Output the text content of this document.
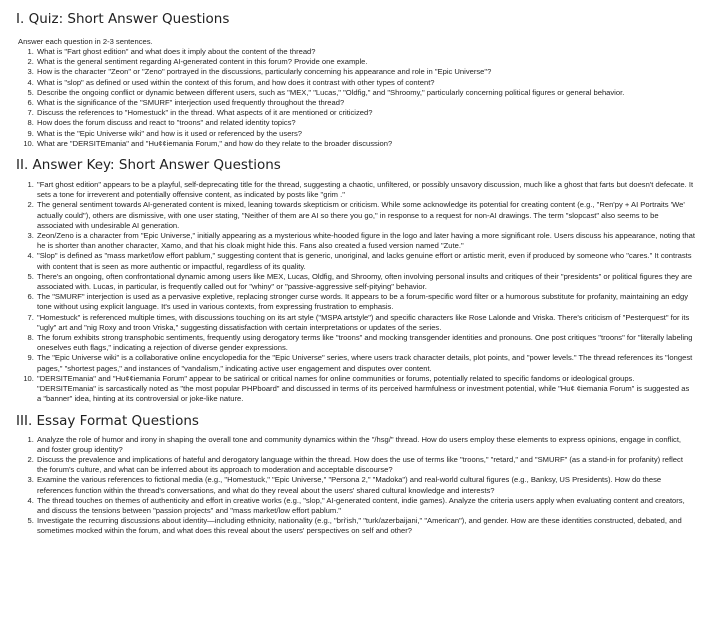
I. Quiz: Short Answer Questions
Answer each question in 2-3 sentences.
1. What is "Fart ghost edition" and what does it imply about the content of the thread?
2. What is the general sentiment regarding AI-generated content in this forum? Provide one example.
3. How is the character "Zeon" or "Zeno" portrayed in the discussions, particularly concerning his appearance and role in "Epic Universe"?
4. What is "slop" as defined or used within the context of this forum, and how does it contrast with other types of content?
5. Describe the ongoing conflict or dynamic between different users, such as "MEX," "Lucas," "Oldfig," and "Shroomy," particularly concerning political figures or general behavior.
6. What is the significance of the "SMURF" interjection used frequently throughout the thread?
7. Discuss the references to "Homestuck" in the thread. What aspects of it are mentioned or criticized?
8. How does the forum discuss and react to "troons" and related identity topics?
9. What is the "Epic Universe wiki" and how is it used or referenced by the users?
10. What are "DERSITEmania" and "Hu¢¢iemania Forum," and how do they relate to the broader discussion?
II. Answer Key: Short Answer Questions
1. "Fart ghost edition" appears to be a playful, self-deprecating title for the thread, suggesting a chaotic, unfiltered, or possibly unsavory discussion, much like a ghost that farts but doesn't defecate. It sets a tone for irreverent and potentially offensive content, as indicated by posts like "grim ."
2. The general sentiment towards AI-generated content is mixed, leaning towards skepticism or criticism. While some acknowledge its potential for creating content (e.g., "Ren'py + AI Portraits 'We' actually could"), others are dismissive, with one user stating, "Neither of them are AI so there you go," in response to a request for non-AI drawings. The term "slopcast" also seems to be associated with undesirable AI generation.
3. Zeon/Zeno is a character from "Epic Universe," initially appearing as a mysterious white-hooded figure in the logo and later having a more significant role. Users discuss his appearance, noting that he is shorter than another character, Xamo, and that his cloak might hide this. Fans also created a fused version named "Zute."
4. "Slop" is defined as "mass market/low effort pablum," suggesting content that is generic, unoriginal, and lacks genuine effort or artistic merit, even if produced by someone who "cares." It contrasts with content that is seen as more authentic or impactful, regardless of its quality.
5. There's an ongoing, often confrontational dynamic among users like MEX, Lucas, Oldfig, and Shroomy, often involving personal insults and critiques of their "presidents" or political figures they are associated with. Lucas, in particular, is frequently called out for "whiny" or "passive-aggressive self-pitying" behavior.
6. The "SMURF" interjection is used as a pervasive expletive, replacing stronger curse words. It appears to be a forum-specific word filter or a humorous substitute for profanity, maintaining an edgy tone without using explicit language. It's used in various contexts, from expressing frustration to emphasis.
7. "Homestuck" is referenced multiple times, with discussions touching on its art style ("MSPA artstyle") and specific characters like Rose Lalonde and Vriska. There's criticism of "Pesterquest" for its "ugly" art and "nig Roxy and troon Vriska," suggesting dissatisfaction with certain interpretations or updates of the series.
8. The forum exhibits strong transphobic sentiments, frequently using derogatory terms like "troons" and mocking transgender identities and pronouns. One post critiques "troons" for "literally labeling oneselves euth flags," indicating a rejection of diverse gender expressions.
9. The "Epic Universe wiki" is a collaborative online encyclopedia for the "Epic Universe" series, where users track character details, plot points, and "power levels." The thread references its "longest pages," "shortest pages," and instances of "vandalism," indicating active user engagement and disputes over content.
10. "DERSITEmania" and "Hu¢¢iemania Forum" appear to be satirical or critical names for online communities or forums, potentially related to specific fandoms or ideological groups. "DERSITEmania" is sarcastically noted as "the most popular PHPboard" and discussed in terms of its perceived harmfulness or investment potential, while "Hu¢ ¢iemania Forum" is suggested as a "banner" idea, hinting at its controversial or joke-like nature.
III. Essay Format Questions
1. Analyze the role of humor and irony in shaping the overall tone and community dynamics within the "/hsg/" thread. How do users employ these elements to express opinions, engage in conflict, and foster group identity?
2. Discuss the prevalence and implications of hateful and derogatory language within the thread. How does the use of terms like "troons," "retard," and "SMURF" (as a stand-in for profanity) reflect the forum's culture, and what can be inferred about its approach to moderation and acceptable discourse?
3. Examine the various references to fictional media (e.g., "Homestuck," "Epic Universe," "Persona 2," "Madoka") and real-world cultural figures (e.g., Banksy, US Presidents). How do these references function within the thread's conversations, and what do they reveal about the users' shared cultural knowledge and interests?
4. The thread touches on themes of authenticity and effort in creative works (e.g., "slop," AI-generated content, indie games). Analyze the criteria users apply when evaluating content and creators, and discuss the tensions between "passion projects" and "mass market/low effort pablum."
5. Investigate the recurring discussions about identity—including ethnicity, nationality (e.g., "bri'ish," "turk/azerbaijani," "American"), and gender. How are these identities constructed, debated, and sometimes mocked within the forum, and what does this reveal about the users' perspectives on self and other?
